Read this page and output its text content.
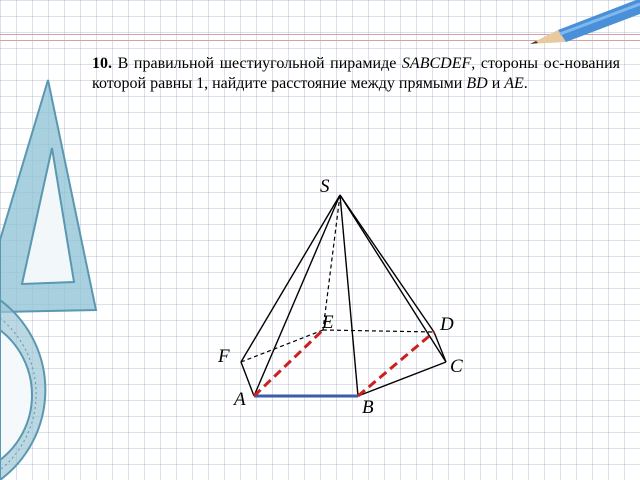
10. В правильной шестиугольной пирамиде SABCDEF, стороны ос-нования которой равны 1, найдите расстояние между прямыми BD и AE.
S
E	D
F	C
A	B
